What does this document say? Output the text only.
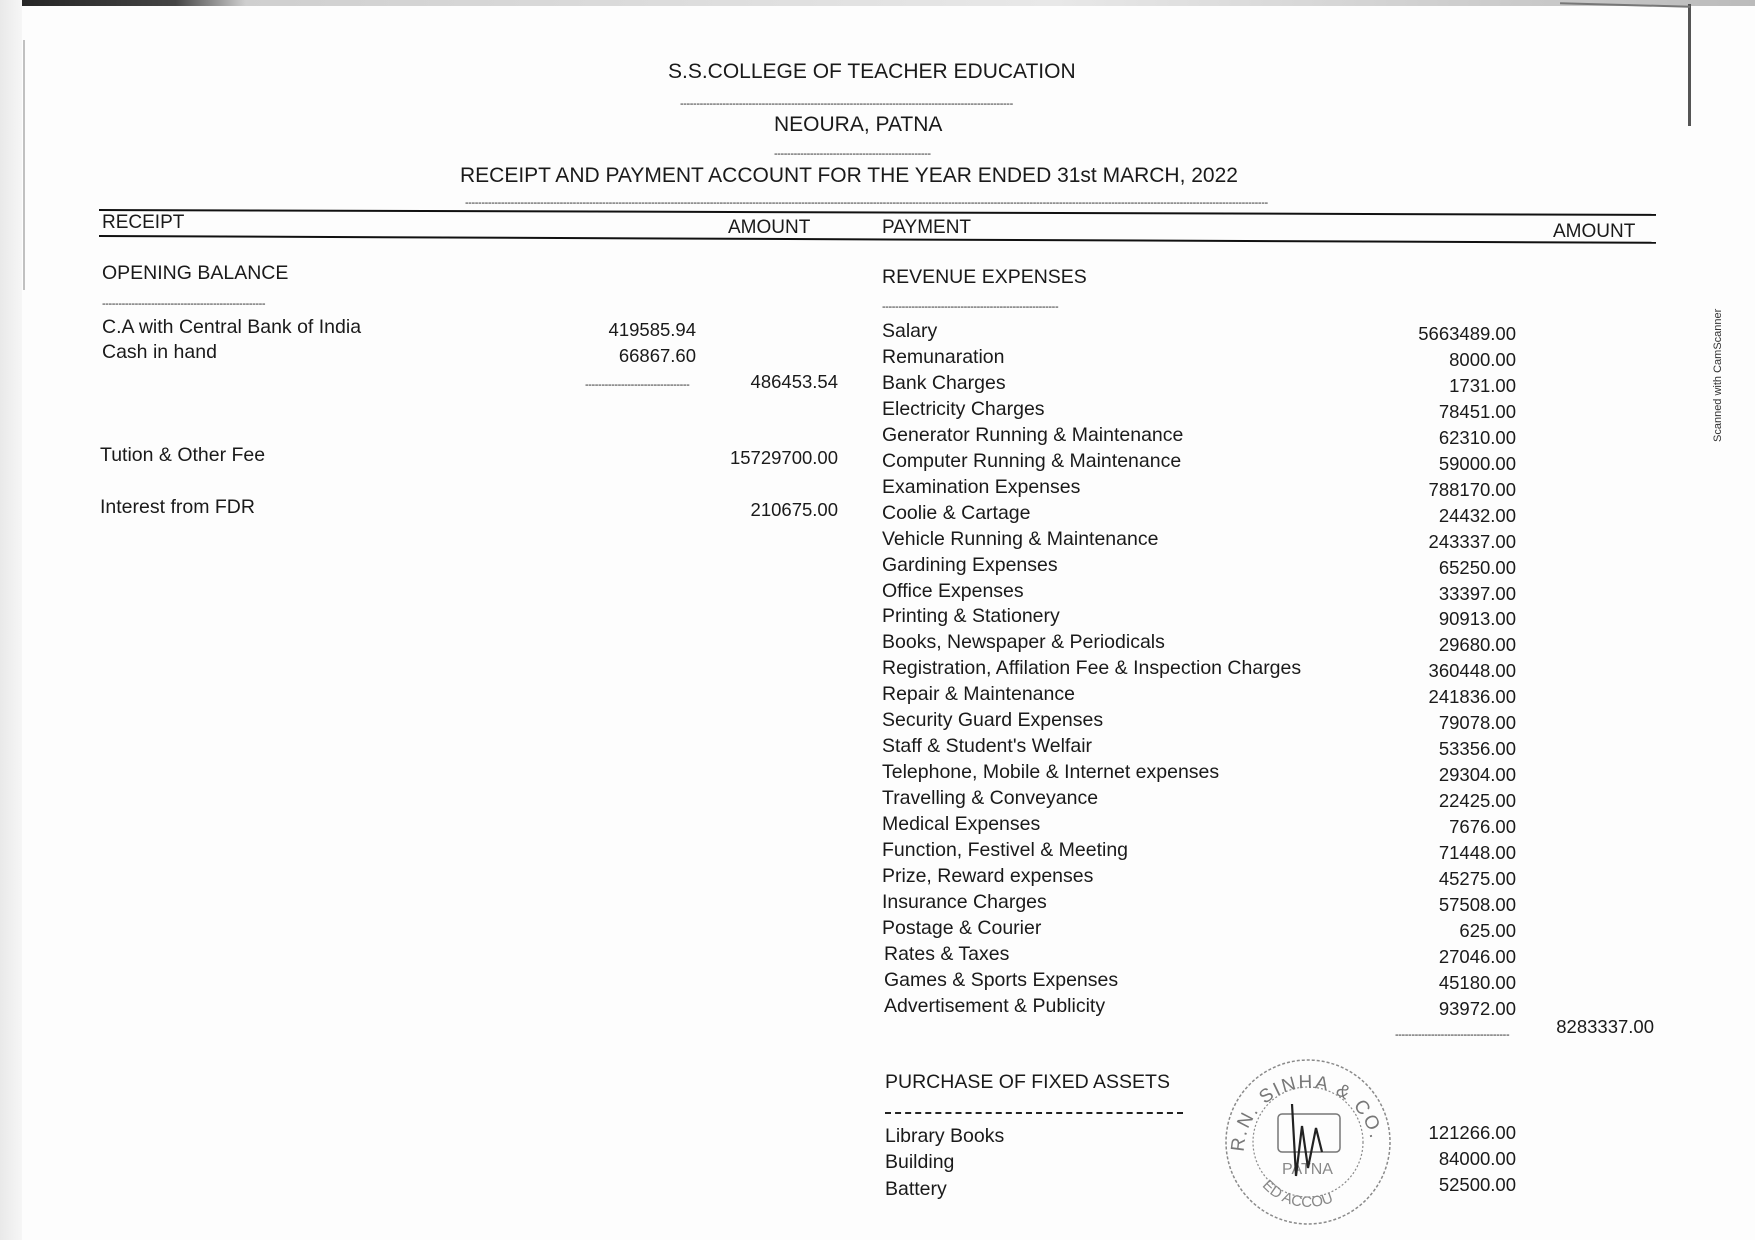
S.S.COLLEGE OF TEACHER EDUCATION
------------------------------------------------------------------------------------------------------
NEOURA, PATNA
------------------------------------------------
RECEIPT AND PAYMENT ACCOUNT FOR THE YEAR ENDED 31st MARCH, 2022
------------------------------------------------------------------------------------------------------------------------------------------------------------------------------------------------------------------------------------------------------
RECEIPT	AMOUNT	PAYMENT	AMOUNT
OPENING BALANCE
--------------------------------------------------
C.A with Central Bank of India	419585.94
Cash in hand	66867.60
--------------------------------	486453.54
Tution & Other Fee	15729700.00
Interest from FDR	210675.00
REVENUE EXPENSES
------------------------------------------------------
Salary	5663489.00
Remunaration	8000.00
Bank Charges	1731.00
Electricity Charges	78451.00
Generator Running & Maintenance	62310.00
Computer Running & Maintenance	59000.00
Examination Expenses	788170.00
Coolie & Cartage	24432.00
Vehicle Running & Maintenance	243337.00
Gardining Expenses	65250.00
Office Expenses	33397.00
Printing & Stationery	90913.00
Books, Newspaper & Periodicals	29680.00
Registration, Affilation Fee & Inspection Charges	360448.00
Repair & Maintenance	241836.00
Security Guard Expenses	79078.00
Staff & Student's Welfair	53356.00
Telephone, Mobile & Internet expenses	29304.00
Travelling & Conveyance	22425.00
Medical Expenses	7676.00
Function, Festivel & Meeting	71448.00
Prize, Reward expenses	45275.00
Insurance Charges	57508.00
Postage & Courier	625.00
Rates & Taxes	27046.00
Games & Sports Expenses	45180.00
Advertisement & Publicity	93972.00
-----------------------------------	8283337.00
PURCHASE OF FIXED ASSETS
Library Books	121266.00
Building	84000.00
Battery	52500.00
R.N. SINHA & CO.
ED ACCOU
PATNA
Scanned with CamScanner
